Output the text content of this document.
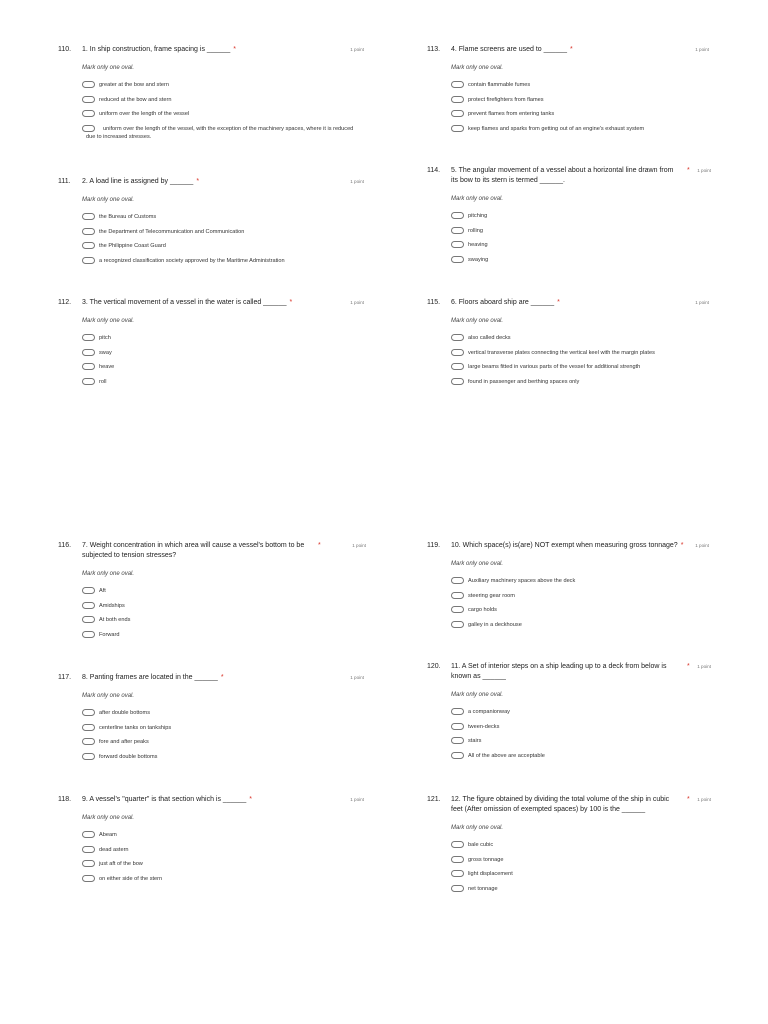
110. 1. In ship construction, frame spacing is ______ *	1 point
Mark only one oval.
greater at the bow and stern
reduced at the bow and stern
uniform over the length of the vessel
uniform over the length of the vessel, with the exception of the machinery spaces, where it is reduced due to increased stresses.
111. 2. A load line is assigned by ______ *	1 point
Mark only one oval.
the Bureau of Customs
the Department of Telecommunication and Communication
the Philippine Coast Guard
a recognized classification society approved by the Maritime Administration
112. 3. The vertical movement of a vessel in the water is called ______ *	1 point
Mark only one oval.
pitch
sway
heave
roll
113. 4. Flame screens are used to ______ *	1 point
Mark only one oval.
contain flammable fumes
protect firefighters from flames
prevent flames from entering tanks
keep flames and sparks from getting out of an engine's exhaust system
114. 5. The angular movement of a vessel about a horizontal line drawn from its bow to its stern is termed ______.
* 1 point
Mark only one oval.
pitching
rolling
heaving
swaying
115. 6. Floors aboard ship are ______ *	1 point
Mark only one oval.
also called decks
vertical transverse plates connecting the vertical keel with the margin plates
large beams fitted in various parts of the vessel for additional strength
found in passenger and berthing spaces only
116. 7. Weight concentration in which area will cause a vessel's bottom to be subjected to tension stresses?
*	1 point
Mark only one oval.
Aft
Amidships
At both ends
Forward
117. 8. Panting frames are located in the ______ *	1 point
Mark only one oval.
after double bottoms
centerline tanks on tankships
fore and after peaks
forward double bottoms
118. 9. A vessel's "quarter" is that section which is ______ *	1 point
Mark only one oval.
Abeam
dead astern
just aft of the bow
on either side of the stern
119. 10. Which space(s) is(are) NOT exempt when measuring gross tonnage? *	1 point
Mark only one oval.
Auxiliary machinery spaces above the deck
steering gear room
cargo holds
galley in a deckhouse
120. 11. A Set of interior steps on a ship leading up to a deck from below is known as ______
* 1 point
Mark only one oval.
a companionway
tween-decks
stairs
All of the above are acceptable
121. 12. The figure obtained by dividing the total volume of the ship in cubic feet (After omission of exempted spaces) by 100 is the ______
* 1 point
Mark only one oval.
bale cubic
gross tonnage
light displacement
net tonnage
